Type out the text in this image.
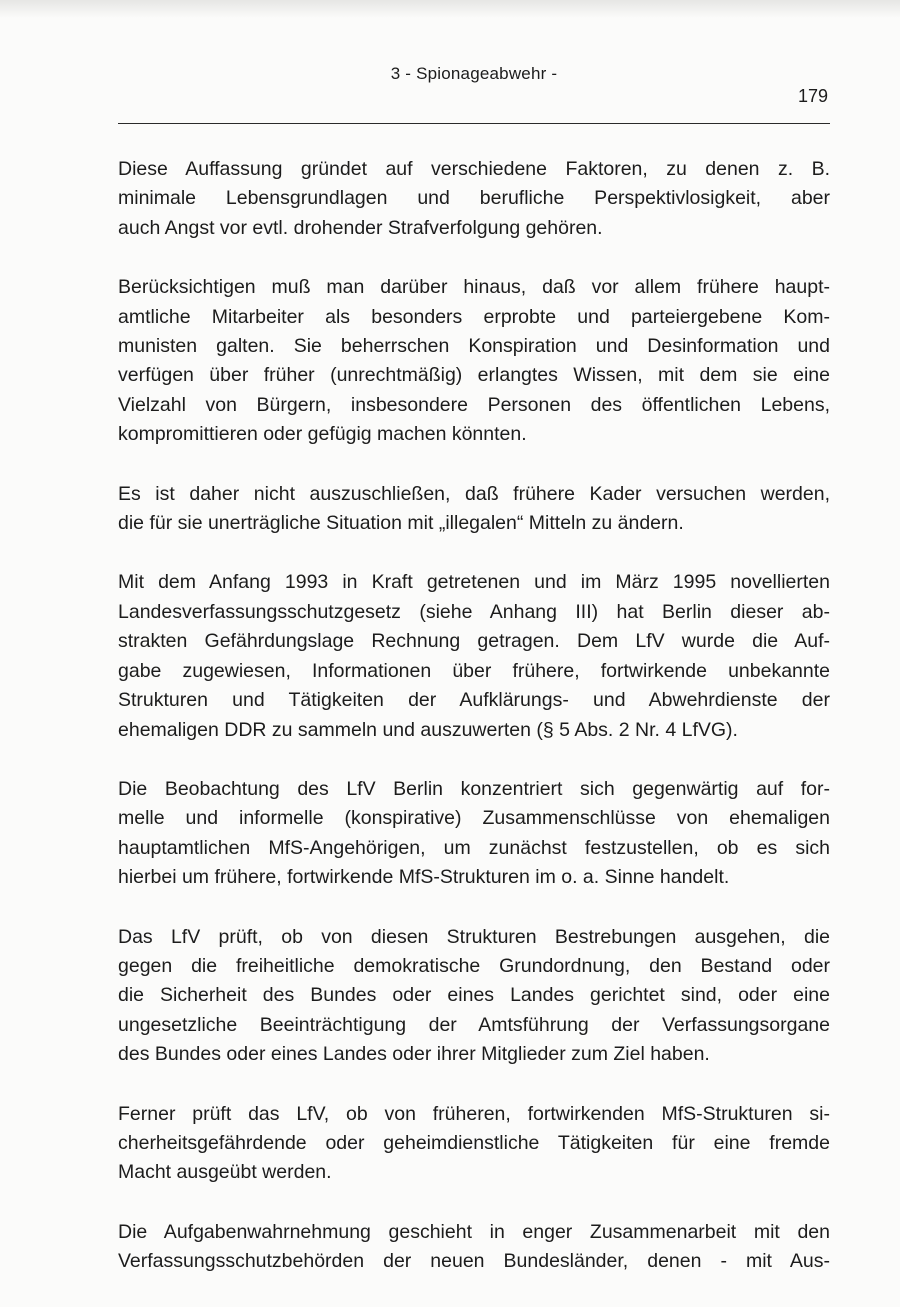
3 - Spionageabwehr -
179

Diese Auffassung gründet auf verschiedene Faktoren, zu denen z. B.
minimale Lebensgrundlagen und berufliche Perspektivlosigkeit, aber
auch Angst vor evtl. drohender Strafverfolgung gehören.

Berücksichtigen muß man darüber hinaus, daß vor allem frühere haupt-
amtliche Mitarbeiter als besonders erprobte und parteiergebene Kom-
munisten galten. Sie beherrschen Konspiration und Desinformation und
verfügen über früher (unrechtmäßig) erlangtes Wissen, mit dem sie eine
Vielzahl von Bürgern, insbesondere Personen des öffentlichen Lebens,
kompromittieren oder gefügig machen könnten.

Es ist daher nicht auszuschließen, daß frühere Kader versuchen werden,
die für sie unerträgliche Situation mit „illegalen“ Mitteln zu ändern.

Mit dem Anfang 1993 in Kraft getretenen und im März 1995 novellierten
Landesverfassungsschutzgesetz (siehe Anhang III) hat Berlin dieser ab-
strakten Gefährdungslage Rechnung getragen. Dem LfV wurde die Auf-
gabe zugewiesen, Informationen über frühere, fortwirkende unbekannte
Strukturen und Tätigkeiten der Aufklärungs- und Abwehrdienste der
ehemaligen DDR zu sammeln und auszuwerten (§ 5 Abs. 2 Nr. 4 LfVG).

Die Beobachtung des LfV Berlin konzentriert sich gegenwärtig auf for-
melle und informelle (konspirative) Zusammenschlüsse von ehemaligen
hauptamtlichen MfS-Angehörigen, um zunächst festzustellen, ob es sich
hierbei um frühere, fortwirkende MfS-Strukturen im o. a. Sinne handelt.

Das LfV prüft, ob von diesen Strukturen Bestrebungen ausgehen, die
gegen die freiheitliche demokratische Grundordnung, den Bestand oder
die Sicherheit des Bundes oder eines Landes gerichtet sind, oder eine
ungesetzliche Beeinträchtigung der Amtsführung der Verfassungsorgane
des Bundes oder eines Landes oder ihrer Mitglieder zum Ziel haben.

Ferner prüft das LfV, ob von früheren, fortwirkenden MfS-Strukturen si-
cherheitsgefährdende oder geheimdienstliche Tätigkeiten für eine fremde
Macht ausgeübt werden.

Die Aufgabenwahrnehmung geschieht in enger Zusammenarbeit mit den
Verfassungsschutzbehörden der neuen Bundesländer, denen - mit Aus-
